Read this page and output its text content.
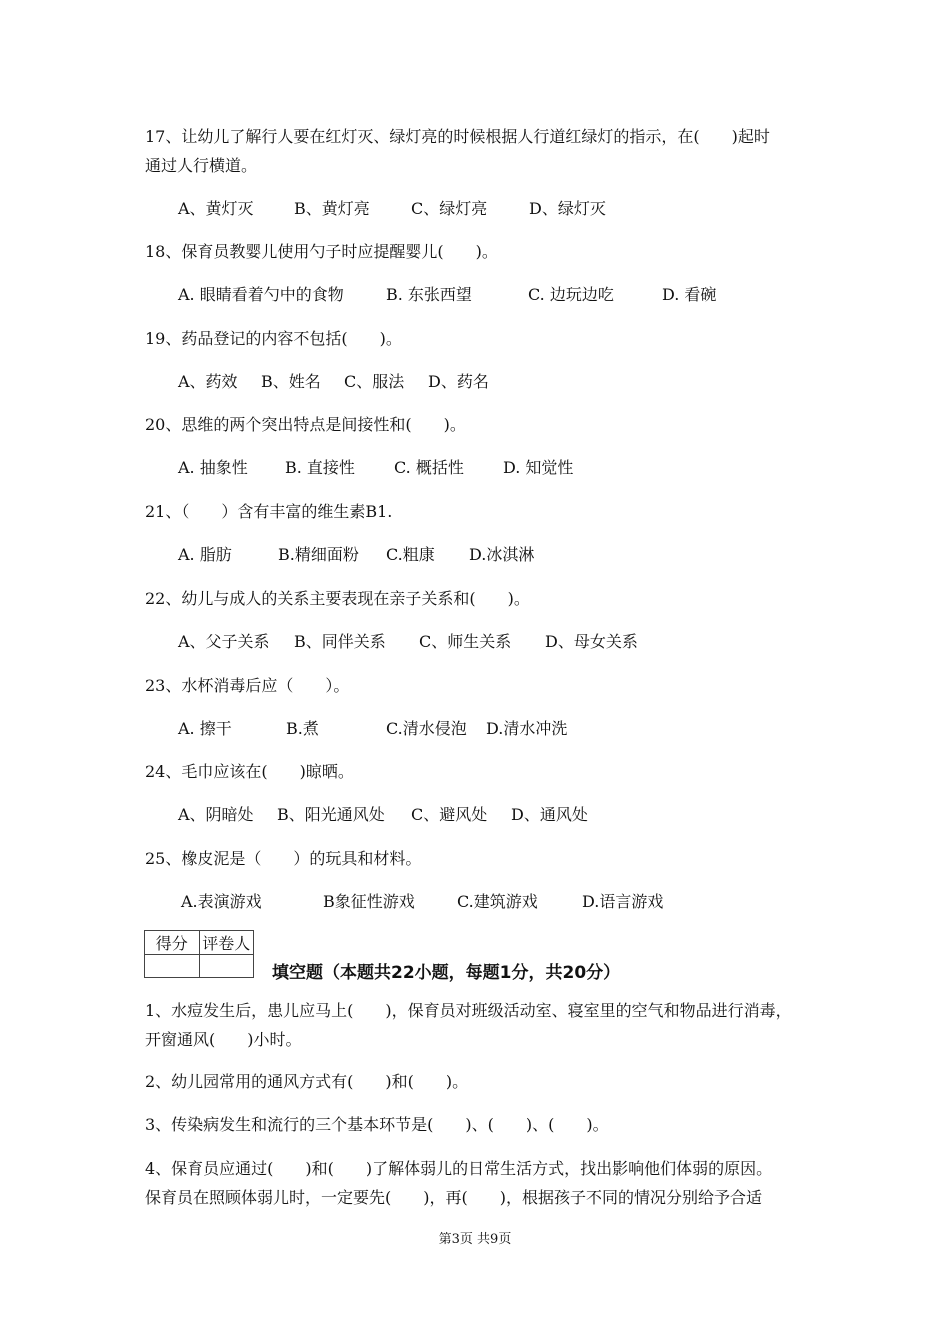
17、让幼儿了解行人要在红灯灭、绿灯亮的时候根据人行道红绿灯的指示，在(　　)起时
通过人行横道。
A、黄灯灭	B、黄灯亮	C、绿灯亮	D、绿灯灭
18、保育员教婴儿使用勺子时应提醒婴儿(　　)。
A. 眼睛看着勺中的食物	B. 东张西望	C. 边玩边吃	D. 看碗
19、药品登记的内容不包括(　　)。
A、药效 B、姓名 C、服法 D、药名
20、思维的两个突出特点是间接性和(　　)。
A. 抽象性 B. 直接性 C. 概括性 D. 知觉性
21、（　　）含有丰富的维生素B1.
A. 脂肪	B.精细面粉 C.粗康 D.冰淇淋
22、幼儿与成人的关系主要表现在亲子关系和(　　)。
A、父子关系 B、同伴关系 C、师生关系 D、母女关系
23、水杯消毒后应（　　）。
A. 擦干	B.煮	C.清水侵泡 D.清水冲洗
24、毛巾应该在(　　)晾晒。
A、阴暗处 B、阳光通风处 C、避风处 D、通风处
25、橡皮泥是（　　）的玩具和材料。
A.表演游戏	B象征性游戏	C.建筑游戏	D.语言游戏
得分	评卷人

填空题（本题共22小题，每题1分，共20分）
1、水痘发生后，患儿应马上(　　)，保育员对班级活动室、寝室里的空气和物品进行消毒，
开窗通风(　　)小时。
2、幼儿园常用的通风方式有(　　)和(　　)。
3、传染病发生和流行的三个基本环节是(　　)、(　　)、(　　)。
4、保育员应通过(　　)和(　　)了解体弱儿的日常生活方式，找出影响他们体弱的原因。
保育员在照顾体弱儿时，一定要先(　　)，再(　　)，根据孩子不同的情况分别给予合适
第3页 共9页
